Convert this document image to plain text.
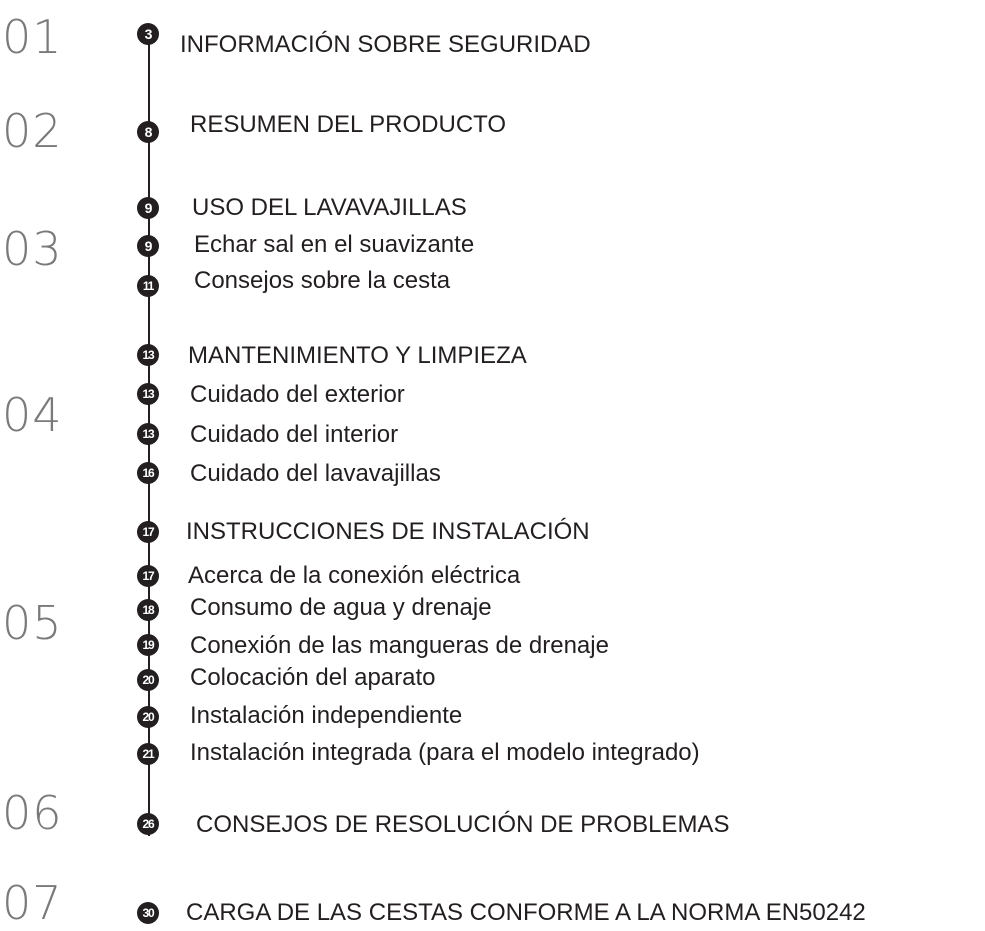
01
02
03
04
05
06
07
3	INFORMACIÓN SOBRE SEGURIDAD
8	RESUMEN DEL PRODUCTO
9	USO DEL LAVAVAJILLAS
9	Echar sal en el suavizante
11 Consejos sobre la cesta
13 MANTENIMIENTO Y LIMPIEZA
13 Cuidado del exterior
13 Cuidado del interior
16 Cuidado del lavavajillas
17 INSTRUCCIONES DE INSTALACIÓN
17 Acerca de la conexión eléctrica
18 Consumo de agua y drenaje
19 Conexión de las mangueras de drenaje
20 Colocación del aparato
20 Instalación independiente
21 Instalación integrada (para el modelo integrado)
26 CONSEJOS DE RESOLUCIÓN DE PROBLEMAS
30 CARGA DE LAS CESTAS CONFORME A LA NORMA EN50242
